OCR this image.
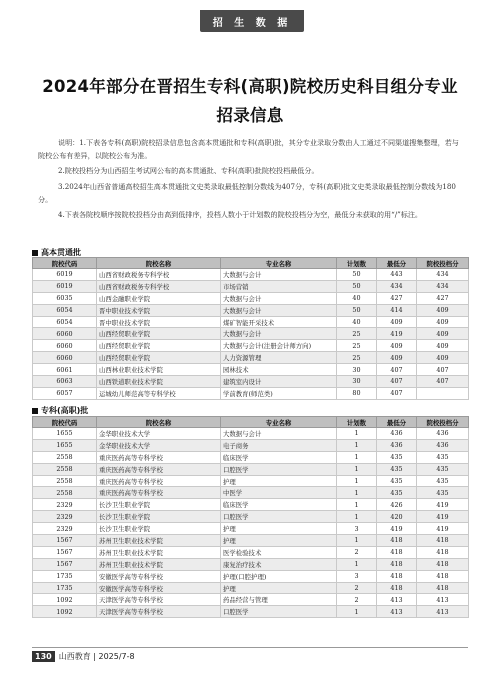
招 生 数 据
2024年部分在晋招生专科(高职)院校历史科目组分专业
招录信息

说明：1.下表各专科(高职)院校招录信息包含高本贯通批和专科(高职)批，其分专业录取分数由人工通过不同渠道搜集整理，若与院校公布有差异，以院校公布为准。

2.院校投档分为山西招生考试网公布的高本贯通批、专科(高职)批院校投档最低分。

3.2024年山西省普通高校招生高本贯通批文史类录取最低控制分数线为407分，专科(高职)批文史类录取最低控制分数线为180分。

4.下表各院校顺序按院校投档分由高到低排序，投档人数小于计划数的院校投档分为空，最低分未获取的用“/”标注。

高本贯通批
院校代码	院校名称	专业名称	计划数	最低分	院校投档分
6019	山西省财政税务专科学校	大数据与会计	50	443	434
6019	山西省财政税务专科学校	市场营销	50	434	434
6035	山西金融职业学院	大数据与会计	40	427	427
6054	晋中职业技术学院	大数据与会计	50	414	409
6054	晋中职业技术学院	煤矿智能开采技术	40	409	409
6060	山西经贸职业学院	大数据与会计	25	419	409
6060	山西经贸职业学院	大数据与会计(注册会计师方向)	25	409	409
6060	山西经贸职业学院	人力资源管理	25	409	409
6061	山西林业职业技术学院	园林技术	30	407	407
6063	山西铁道职业技术学院	建筑室内设计	30	407	407
6057	运城幼儿师范高等专科学校	学前教育(师范类)	80	407	
专科(高职)批
院校代码	院校名称	专业名称	计划数	最低分	院校投档分
1655	金华职业技术大学	大数据与会计	1	436	436
1655	金华职业技术大学	电子商务	1	436	436
2558	重庆医药高等专科学校	临床医学	1	435	435
2558	重庆医药高等专科学校	口腔医学	1	435	435
2558	重庆医药高等专科学校	护理	1	435	435
2558	重庆医药高等专科学校	中医学	1	435	435
2329	长沙卫生职业学院	临床医学	1	426	419
2329	长沙卫生职业学院	口腔医学	1	420	419
2329	长沙卫生职业学院	护理	3	419	419
1567	苏州卫生职业技术学院	护理	1	418	418
1567	苏州卫生职业技术学院	医学检验技术	2	418	418
1567	苏州卫生职业技术学院	康复治疗技术	1	418	418
1735	安徽医学高等专科学校	护理(口腔护理)	3	418	418
1735	安徽医学高等专科学校	护理	2	418	418
1092	天津医学高等专科学校	药品经营与管理	2	413	413
1092	天津医学高等专科学校	口腔医学	1	413	413
130 山西教育 | 2025/7-8
